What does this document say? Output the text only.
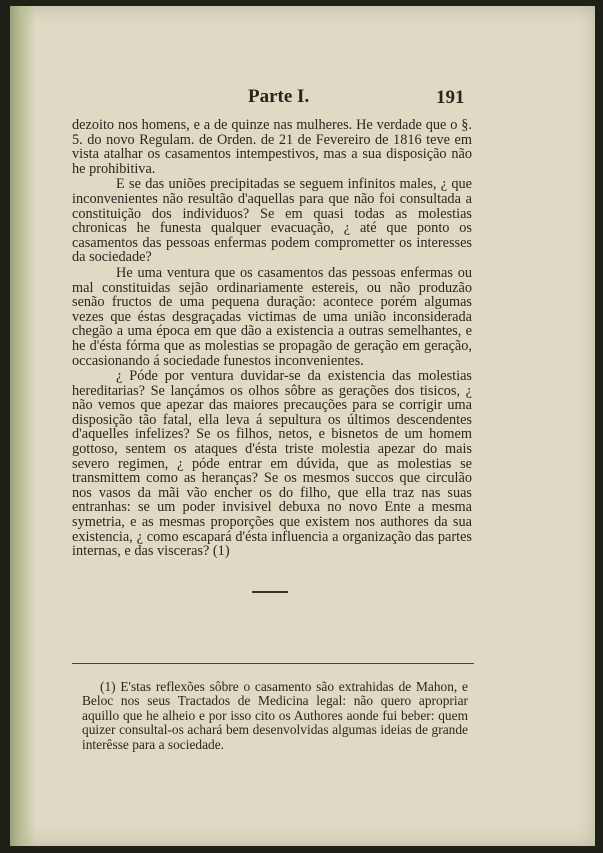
Parte I.	191

dezoito nos homens, e a de quinze nas mulheres. He verdade que o §. 5. do novo Regulam. de Orden. de 21 de Fevereiro de 1816 teve em vista atalhar os casamentos intempestivos, mas a sua disposição não he prohibitiva.

E se das uniões precipitadas se seguem infinitos males, ¿ que inconvenientes não resultão d'aquellas para que não foi consultada a constituição dos individuos? Se em quasi todas as molestias chronicas he funesta qualquer evacuação, ¿ até que ponto os casamentos das pessoas enfermas podem comprometter os interesses da sociedade?

He uma ventura que os casamentos das pessoas enfermas ou mal constituidas sejão ordinariamente estereis, ou não produzão senão fructos de uma pequena duração: acontece porém algumas vezes que éstas desgraçadas victimas de uma união inconsiderada chegão a uma época em que dão a existencia a outras semelhantes, e he d'ésta fórma que as molestias se propagão de geração em geração, occasionando á sociedade funestos inconvenientes.

¿ Póde por ventura duvidar-se da existencia das molestias hereditarias? Se lançámos os olhos sôbre as gerações dos tisicos, ¿ não vemos que apezar das maiores precauções para se corrigir uma disposição tão fatal, ella leva á sepultura os últimos descendentes d'aquelles infelizes? Se os filhos, netos, e bisnetos de um homem gottoso, sentem os ataques d'ésta triste molestia apezar do mais severo regimen, ¿ póde entrar em dúvida, que as molestias se transmittem como as heranças? Se os mesmos succos que circulão nos vasos da mãi vão encher os do filho, que ella traz nas suas entranhas: se um poder invisivel debuxa no novo Ente a mesma symetria, e as mesmas proporções que existem nos authores da sua existencia, ¿ como escapará d'ésta influencia a organização das partes internas, e das visceras? (1)

(1) E'stas reflexões sôbre o casamento são extrahidas de Mahon, e Beloc nos seus Tractados de Medicina legal: não quero apropriar aquillo que he alheio e por isso cito os Authores aonde fui beber: quem quizer consultal-os achará bem desenvolvidas algumas ideias de grande interêsse para a sociedade.
